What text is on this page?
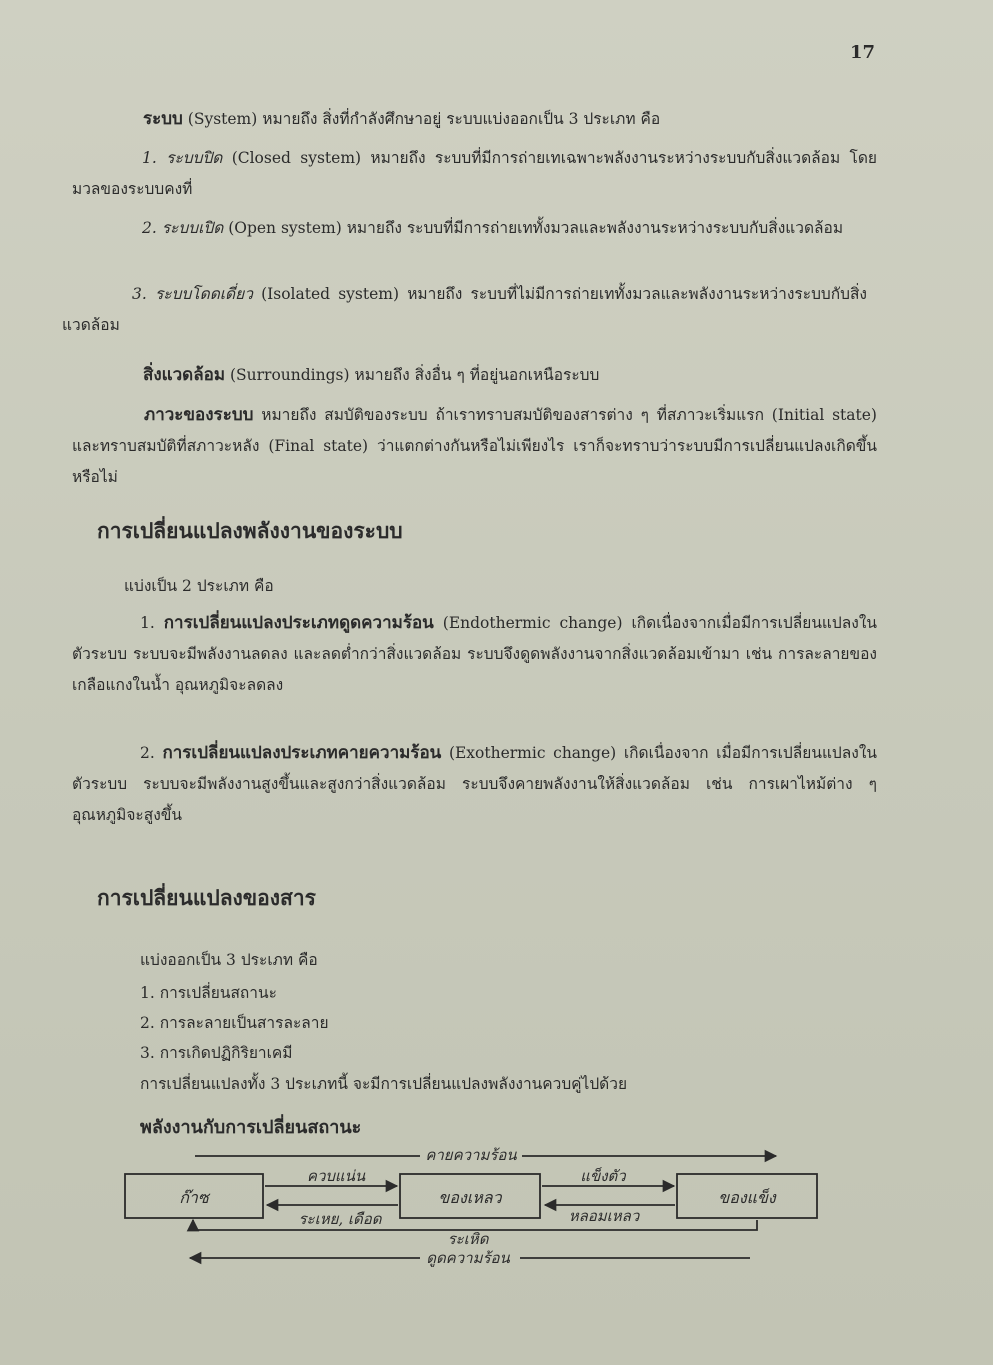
17

ระบบ (System) หมายถึง สิ่งที่กำลังศึกษาอยู่ ระบบแบ่งออกเป็น 3 ประเภท คือ

1. ระบบปิด (Closed system) หมายถึง ระบบที่มีการถ่ายเทเฉพาะพลังงานระหว่างระบบกับสิ่งแวดล้อม โดยมวลของระบบคงที่

2. ระบบเปิด (Open system) หมายถึง ระบบที่มีการถ่ายเททั้งมวลและพลังงานระหว่างระบบกับสิ่งแวดล้อม

3. ระบบโดดเดี่ยว (Isolated system) หมายถึง ระบบที่ไม่มีการถ่ายเททั้งมวลและพลังงานระหว่างระบบกับสิ่งแวดล้อม

สิ่งแวดล้อม (Surroundings) หมายถึง สิ่งอื่น ๆ ที่อยู่นอกเหนือระบบ

ภาวะของระบบ หมายถึง สมบัติของระบบ ถ้าเราทราบสมบัติของสารต่าง ๆ ที่สภาวะเริ่มแรก (Initial state) และทราบสมบัติที่สภาวะหลัง (Final state) ว่าแตกต่างกันหรือไม่เพียงไร เราก็จะทราบว่าระบบมีการเปลี่ยนแปลงเกิดขึ้นหรือไม่

การเปลี่ยนแปลงพลังงานของระบบ

แบ่งเป็น 2 ประเภท คือ

1. การเปลี่ยนแปลงประเภทดูดความร้อน (Endothermic change) เกิดเนื่องจากเมื่อมีการเปลี่ยนแปลงในตัวระบบ ระบบจะมีพลังงานลดลง และลดต่ำกว่าสิ่งแวดล้อม ระบบจึงดูดพลังงานจากสิ่งแวดล้อมเข้ามา เช่น การละลายของเกลือแกงในน้ำ อุณหภูมิจะลดลง

2. การเปลี่ยนแปลงประเภทคายความร้อน (Exothermic change) เกิดเนื่องจาก เมื่อมีการเปลี่ยนแปลงในตัวระบบ ระบบจะมีพลังงานสูงขึ้นและสูงกว่าสิ่งแวดล้อม ระบบจึงคายพลังงานให้สิ่งแวดล้อม เช่น การเผาไหม้ต่าง ๆ อุณหภูมิจะสูงขึ้น

การเปลี่ยนแปลงของสาร

แบ่งออกเป็น 3 ประเภท คือ

1. การเปลี่ยนสถานะ

2. การละลายเป็นสารละลาย

3. การเกิดปฏิกิริยาเคมี

การเปลี่ยนแปลงทั้ง 3 ประเภทนี้ จะมีการเปลี่ยนแปลงพลังงานควบคู่ไปด้วย

พลังงานกับการเปลี่ยนสถานะ
คายความร้อน
ก๊าซ	ของเหลว	ของแข็ง
ควบแน่น	แข็งตัว
ระเหย, เดือด	หลอมเหลว
ระเหิด
ดูดความร้อน
